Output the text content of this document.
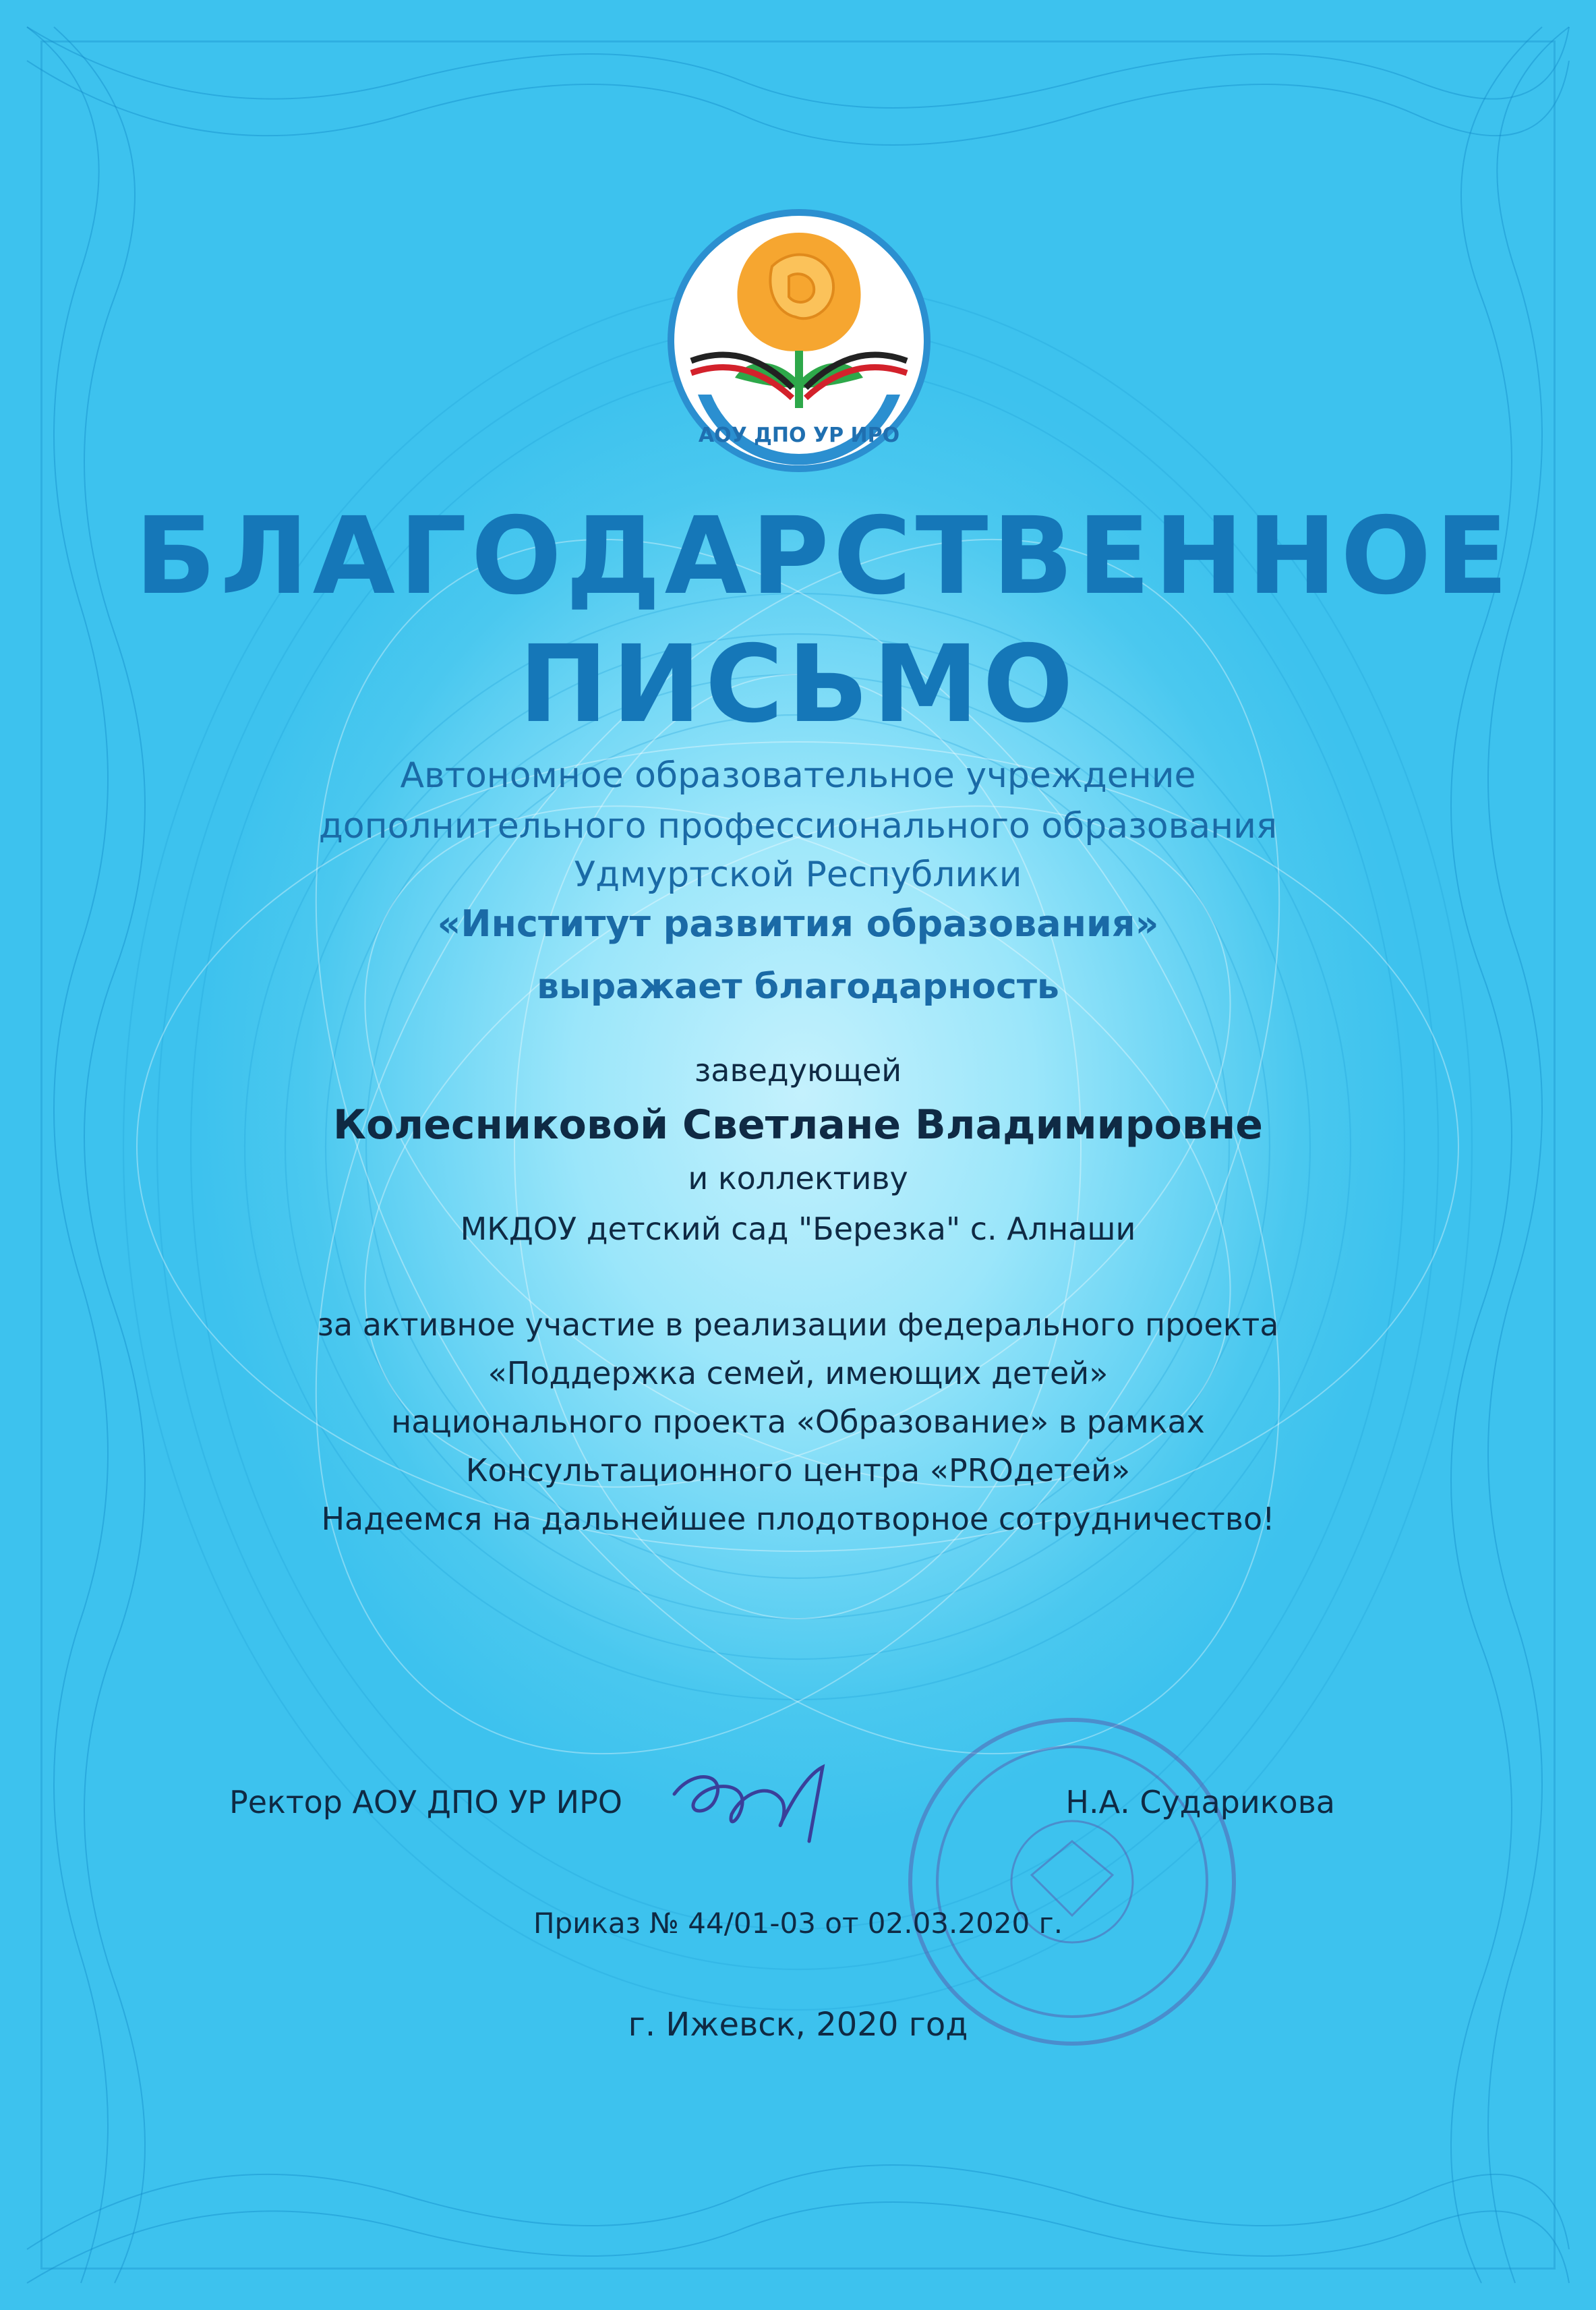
АОУ ДПО УР ИРО
БЛАГОДАРСТВЕННОЕ
ПИСЬМО

Автономное образовательное учреждение

дополнительного профессионального образования

Удмуртской Республики

«Институт развития образования»

выражает благодарность

заведующей

Колесниковой Светлане Владимировне

и коллективу

МКДОУ детский сад "Березка" с. Алнаши

за активное участие в реализации федерального проекта

«Поддержка семей, имеющих детей»

национального проекта «Образование» в рамках

Консультационного центра «PROдетей»

Надеемся на дальнейшее плодотворное сотрудничество!

Ректор АОУ ДПО УР ИРО	Н.А. Сударикова

Приказ № 44/01-03 от 02.03.2020 г.

г. Ижевск, 2020 год
